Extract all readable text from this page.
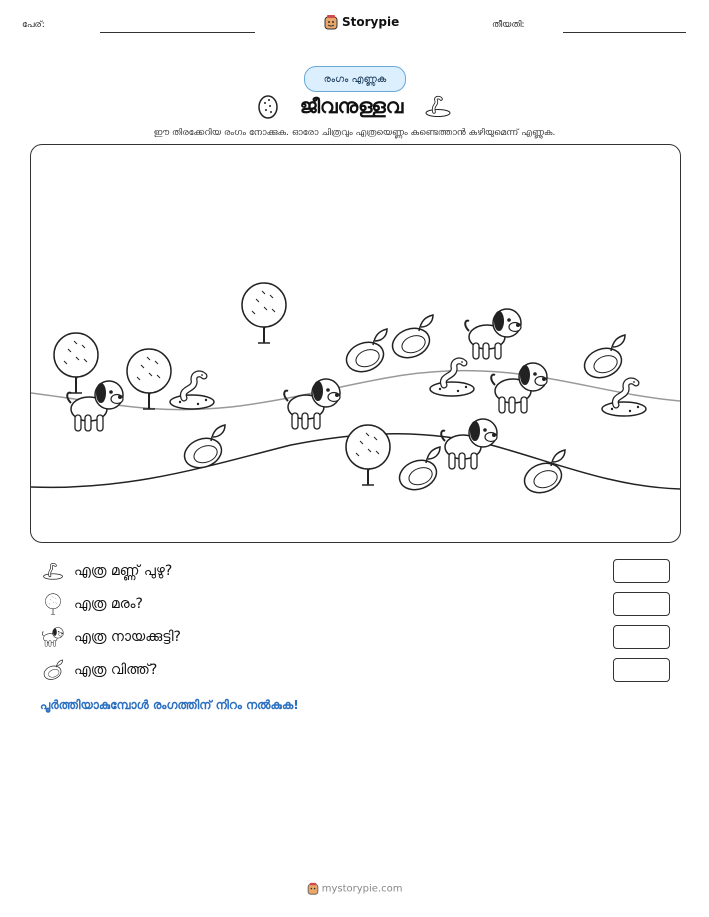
പേര്:	Storypie	തീയതി:
രംഗം എണ്ണുക
ജീവനുള്ളവ
ഈ തിരക്കേറിയ രംഗം നോക്കുക. ഓരോ ചിത്രവും എത്രയെണ്ണം കണ്ടെത്താൻ കഴിയുമെന്ന് എണ്ണുക.
എത്ര മണ്ണ് പുഴു?
എത്ര മരം?
എത്ര നായക്കുട്ടി?
എത്ര വിത്ത്?
പൂർത്തിയാകുമ്പോൾ രംഗത്തിന് നിറം നൽകുക!
mystorypie.com
